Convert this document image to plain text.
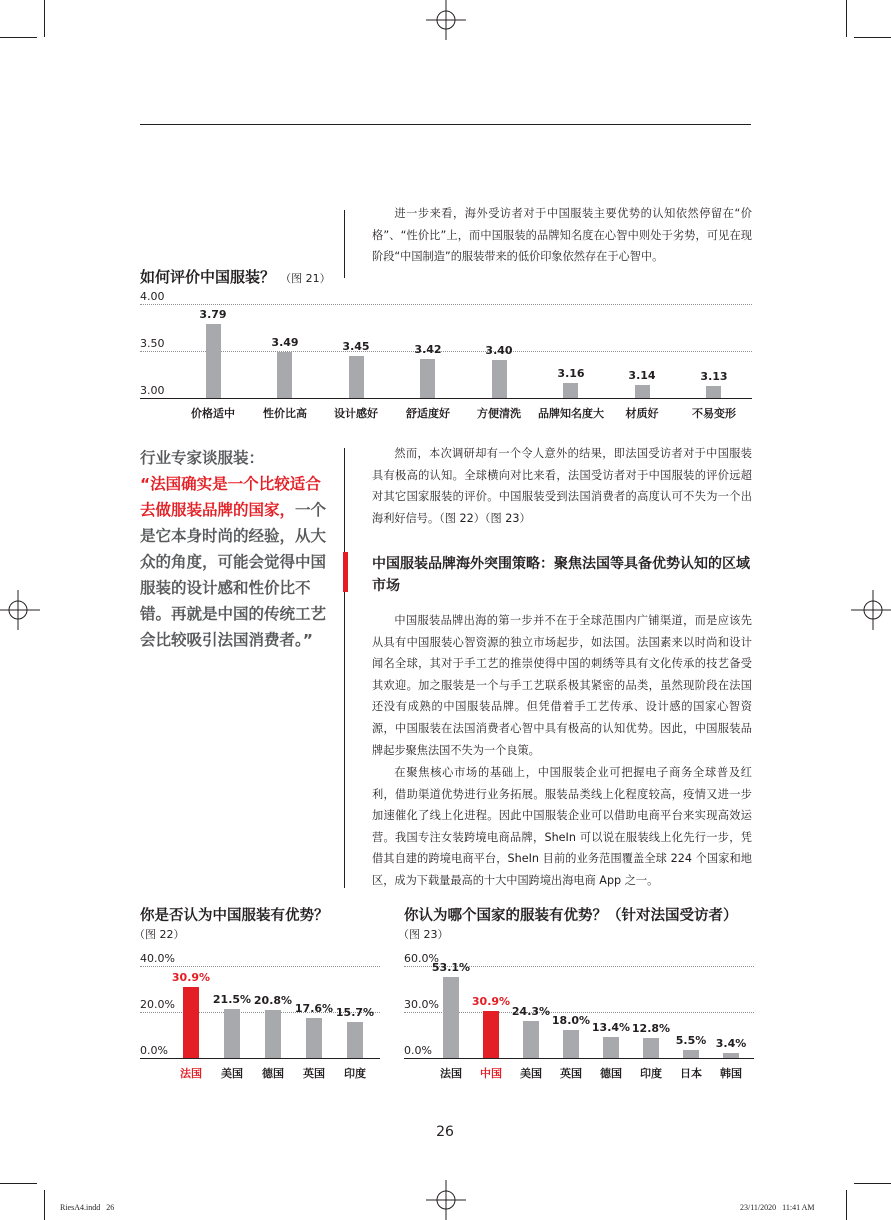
进一步来看，海外受访者对于中国服装主要优势的认知依然停留在“价格”、“性价比”上，而中国服装的品牌知名度在心智中则处于劣势，可见在现阶段“中国制造”的服装带来的低价印象依然存在于心智中。

如何评价中国服装？ （图 21）
4.00
3.50
3.00
3.79
价格适中
3.49
性价比高
3.45
设计感好
3.42
舒适度好
3.40
方便清洗
3.16
品牌知名度大
3.14
材质好
3.13
不易变形
行业专家谈服装：
“法国确实是一个比较适合去做服装品牌的国家，一个是它本身时尚的经验，从大众的角度，可能会觉得中国服装的设计感和性价比不错。再就是中国的传统工艺会比较吸引法国消费者。”

然而，本次调研却有一个令人意外的结果，即法国受访者对于中国服装具有极高的认知。全球横向对比来看，法国受访者对于中国服装的评价远超对其它国家服装的评价。中国服装受到法国消费者的高度认可不失为一个出海利好信号。（图 22）（图 23）

中国服装品牌海外突围策略：聚焦法国等具备优势认知的区域市场

中国服装品牌出海的第一步并不在于全球范围内广铺渠道，而是应该先从具有中国服装心智资源的独立市场起步，如法国。法国素来以时尚和设计闻名全球，其对于手工艺的推崇使得中国的刺绣等具有文化传承的技艺备受其欢迎。加之服装是一个与手工艺联系极其紧密的品类，虽然现阶段在法国还没有成熟的中国服装品牌。但凭借着手工艺传承、设计感的国家心智资源，中国服装在法国消费者心智中具有极高的认知优势。因此，中国服装品牌起步聚焦法国不失为一个良策。

在聚焦核心市场的基础上，中国服装企业可把握电子商务全球普及红利，借助渠道优势进行业务拓展。服装品类线上化程度较高，疫情又进一步加速催化了线上化进程。因此中国服装企业可以借助电商平台来实现高效运营。我国专注女装跨境电商品牌，SheIn 可以说在服装线上化先行一步，凭借其自建的跨境电商平台，SheIn 目前的业务范围覆盖全球 224 个国家和地区，成为下载量最高的十大中国跨境出海电商 App 之一。

你是否认为中国服装有优势？
（图 22）
40.0%
20.0%
0.0%
30.9%
法国
21.5%
美国
20.8%
德国
17.6%
英国
15.7%
印度
你认为哪个国家的服装有优势？（针对法国受访者）
（图 23）
60.0%
30.0%
0.0%
53.1%
法国
30.9%
中国
24.3%
美国
18.0%
英国
13.4%
德国
12.8%
印度
5.5%
日本
3.4%
韩国
26
RiesA4.indd   26	23/11/2020   11:41 AM
